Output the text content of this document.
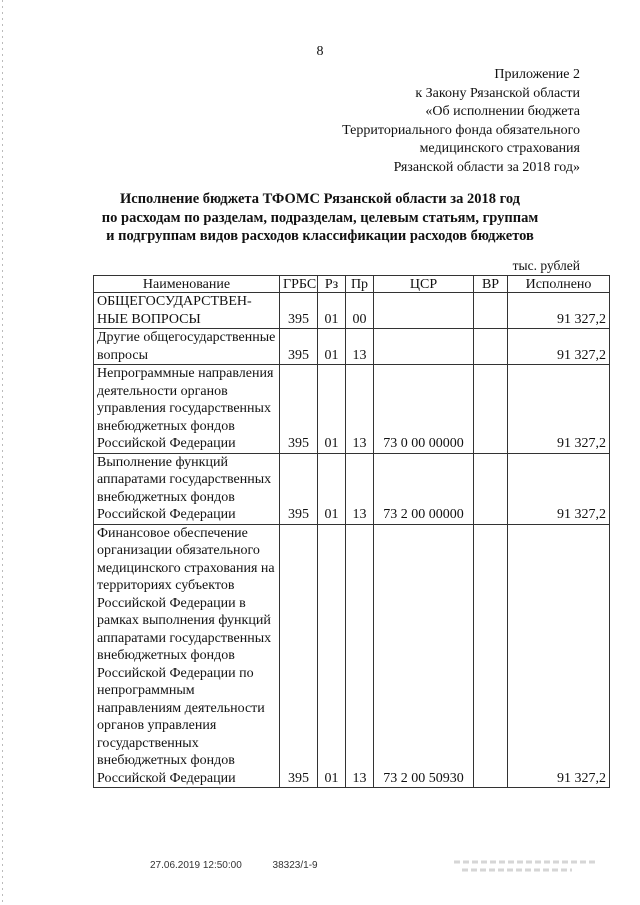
8
Приложение 2
к Закону Рязанской области
«Об исполнении бюджета
Территориального фонда обязательного
медицинского страхования
Рязанской области за 2018 год»
Исполнение бюджета ТФОМС Рязанской области за 2018 год
по расходам по разделам, подразделам, целевым статьям, группам
и подгруппам видов расходов классификации расходов бюджетов
тыс. рублей
Наименование	ГРБС	Рз	Пр	ЦСР	ВР	Исполнено
ОБЩЕГОСУДАРСТВЕН-НЫЕ ВОПРОСЫ	395	01	00			91 327,2
Другие общегосударственные вопросы	395	01	13			91 327,2
Непрограммные направления деятельности органов управления государственных внебюджетных фондов Российской Федерации	395	01	13	73 0 00 00000		91 327,2
Выполнение функций аппаратами государственных внебюджетных фондов Российской Федерации	395	01	13	73 2 00 00000		91 327,2
Финансовое обеспечение организации обязательного медицинского страхования на территориях субъектов Российской Федерации в рамках выполнения функций аппаратами государственных внебюджетных фондов Российской Федерации по непрограммным направлениям деятельности органов управления государственных внебюджетных фондов Российской Федерации	395	01	13	73 2 00 50930		91 327,2
27.06.2019 12:50:00	38323/1-9
